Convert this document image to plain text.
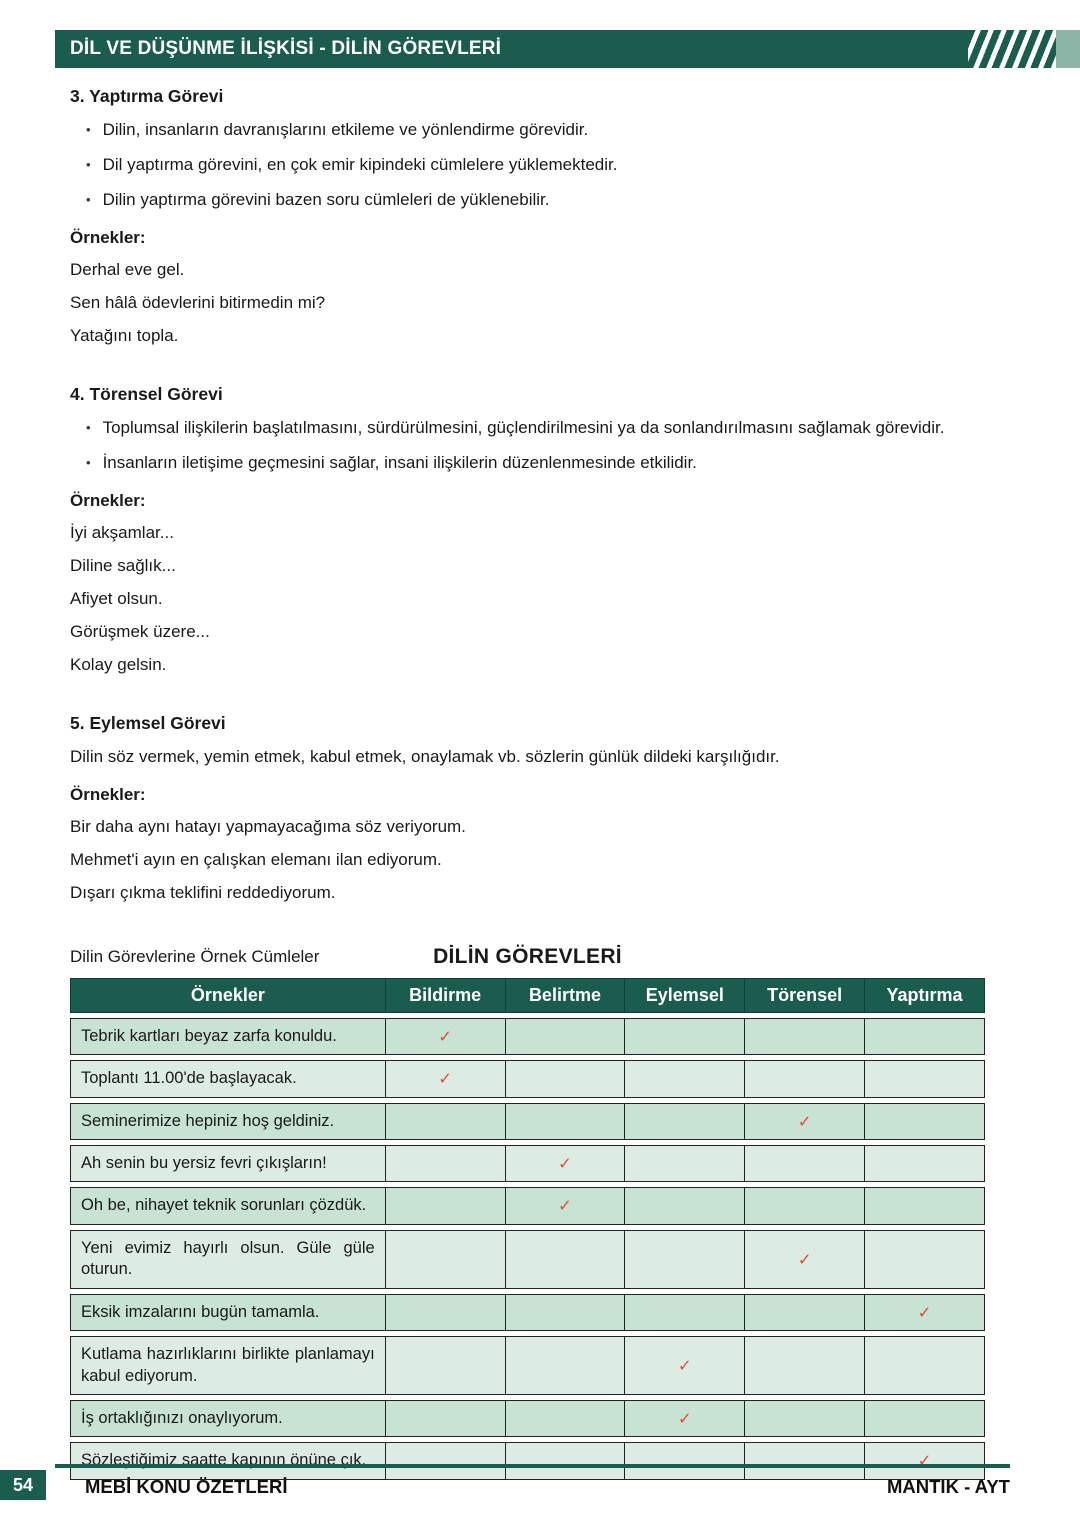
DİL VE DÜŞÜNME İLİŞKİSİ - DİLİN GÖREVLERİ
3. Yaptırma Görevi
• Dilin, insanların davranışlarını etkileme ve yönlendirme görevidir.
• Dil yaptırma görevini, en çok emir kipindeki cümlelere yüklemektedir.
• Dilin yaptırma görevini bazen soru cümleleri de yüklenebilir.

Örnekler:

Derhal eve gel.

Sen hâlâ ödevlerini bitirmedin mi?

Yatağını topla.

4. Törensel Görevi
• Toplumsal ilişkilerin başlatılmasını, sürdürülmesini, güçlendirilmesini ya da sonlandırılmasını sağlamak görevidir.
• İnsanların iletişime geçmesini sağlar, insani ilişkilerin düzenlenmesinde etkilidir.

Örnekler:

İyi akşamlar...

Diline sağlık...

Afiyet olsun.

Görüşmek üzere...

Kolay gelsin.

5. Eylemsel Görevi

Dilin söz vermek, yemin etmek, kabul etmek, onaylamak vb. sözlerin günlük dildeki karşılığıdır.

Örnekler:

Bir daha aynı hatayı yapmayacağıma söz veriyorum.

Mehmet'i ayın en çalışkan elemanı ilan ediyorum.

Dışarı çıkma teklifini reddediyorum.

Dilin Görevlerine Örnek Cümleler	DİLİN GÖREVLERİ
Örnekler	Bildirme	Belirtme	Eylemsel	Törensel	Yaptırma
Tebrik kartları beyaz zarfa konuldu.	✓				
Toplantı 11.00'de başlayacak.	✓				
Seminerimize hepiniz hoş geldiniz.				✓	
Ah senin bu yersiz fevri çıkışların!		✓			
Oh be, nihayet teknik sorunları çözdük.		✓			
Yeni evimiz hayırlı olsun. Güle güle oturun.				✓	
Eksik imzalarını bugün tamamla.					✓
Kutlama hazırlıklarını birlikte planlamayı kabul ediyorum.			✓		
İş ortaklığınızı onaylıyorum.			✓		
Sözleştiğimiz saatte kapının önüne çık.					✓
54	MEBİ KONU ÖZETLERİ	MANTIK - AYT
